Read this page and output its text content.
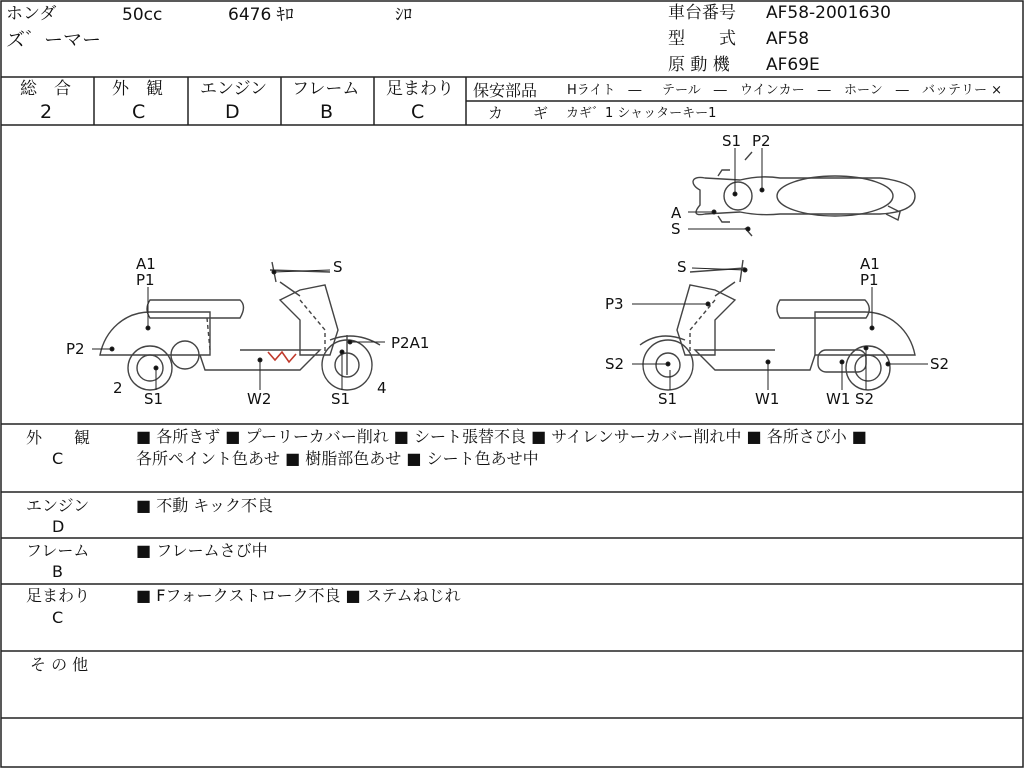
ホンダ	50cc	6476 ｷﾛ	ｼﾛ
ズ゛ーマー
車台番号 AF58-2001630
型　　式 AF58
原 動 機 AF69E
総　合
2
外　観
C
エンジン
D
フレーム
B
足まわり
C
保安部品 Hライト　― テール　― ウインカー　― ホーン　― バッテリー ×
カ　　ギ カギ゛1 シャッターキー1
A1
P1
S
P2	P2A1
2
S1	W2	S1
4
S1 P2
A
S
S	A1
P1
P3
S2	S2
S1	W1	W1 S2
外　　観
C
■ 各所きず ■ プーリーカバー削れ ■ シート張替不良 ■ サイレンサーカバー削れ中 ■ 各所さび小 ■
各所ペイント色あせ ■ 樹脂部色あせ ■ シート色あせ中
エンジン
D
■ 不動 キック不良
フレーム
B
■ フレームさび中
足まわり
C
■ Fフォークストローク不良 ■ ステムねじれ
そ の 他
